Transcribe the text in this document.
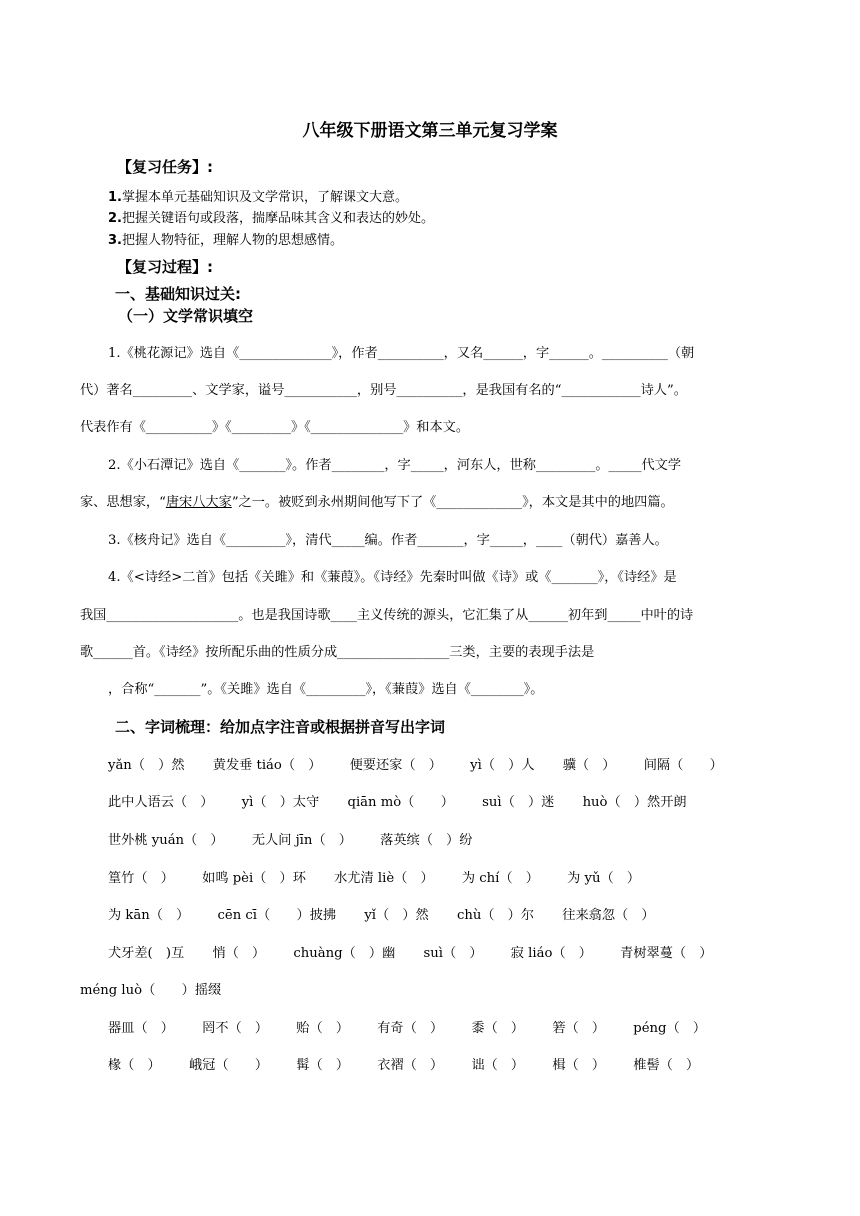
八年级下册语文第三单元复习学案
【复习任务】:
1.掌握本单元基础知识及文学常识，了解课文大意。
2.把握关键语句或段落，揣摩品味其含义和表达的妙处。
3.把握人物特征，理解人物的思想感情。
【复习过程】:
一、基础知识过关:
（一）文学常识填空
1.《桃花源记》选自《______________》，作者__________，又名______，字______。__________（朝
代）著名_________、文学家，谥号___________，别号__________，是我国有名的“____________诗人”。
代表作有《__________》《_________》《______________》和本文。
2.《小石潭记》选自《_______》。作者________，字_____，河东人，世称_________。_____代文学
家、思想家，“唐宋八大家”之一。被贬到永州期间他写下了《_____________》，本文是其中的地四篇。
3.《核舟记》选自《_________》，清代_____编。作者_______，字_____，____（朝代）嘉善人。
4.《<诗经>二首》包括《关雎》和《蒹葭》。《诗经》先秦时叫做《诗》或《_______》，《诗经》是
我国____________________。也是我国诗歌____主义传统的源头，它汇集了从______初年到_____中叶的诗
歌______首。《诗经》按所配乐曲的性质分成_________________三类，主要的表现手法是
，合称“_______”。《关雎》选自《_________》，《蒹葭》选自《________》。
二、字词梳理：给加点字注音或根据拼音写出字词
yǎn（　）然 黄发垂 tiáo（　） 便要还家（　） yì（　）人 骥（　） 间隔（　　）
此中人语云（　） yì（　）太守 qiān mò（　　） suì（　）迷 huò（　）然开朗
世外桃 yuán（　） 无人问 jīn（　） 落英缤（　）纷
篁竹（　） 如鸣 pèi（　）环 水尤清 liè（　） 为 chí（　） 为 yǔ（　）
为 kān（　） cēn cī（　　）披拂 yǐ（　）然 chù（　）尔 往来翕忽（　）
犬牙差(　)互 悄（　） chuàng（　）幽 suì（　） 寂 liáo（　） 青树翠蔓（　）
méng luò（　　）摇缀
器皿（　） 罔不（　） 贻（　） 有奇（　） 黍（　） 箬（　） péng（　）
椽（　） 峨冠（　　） 髯（　） 衣褶（　） 诎（　） 楫（　） 椎髻（　）
